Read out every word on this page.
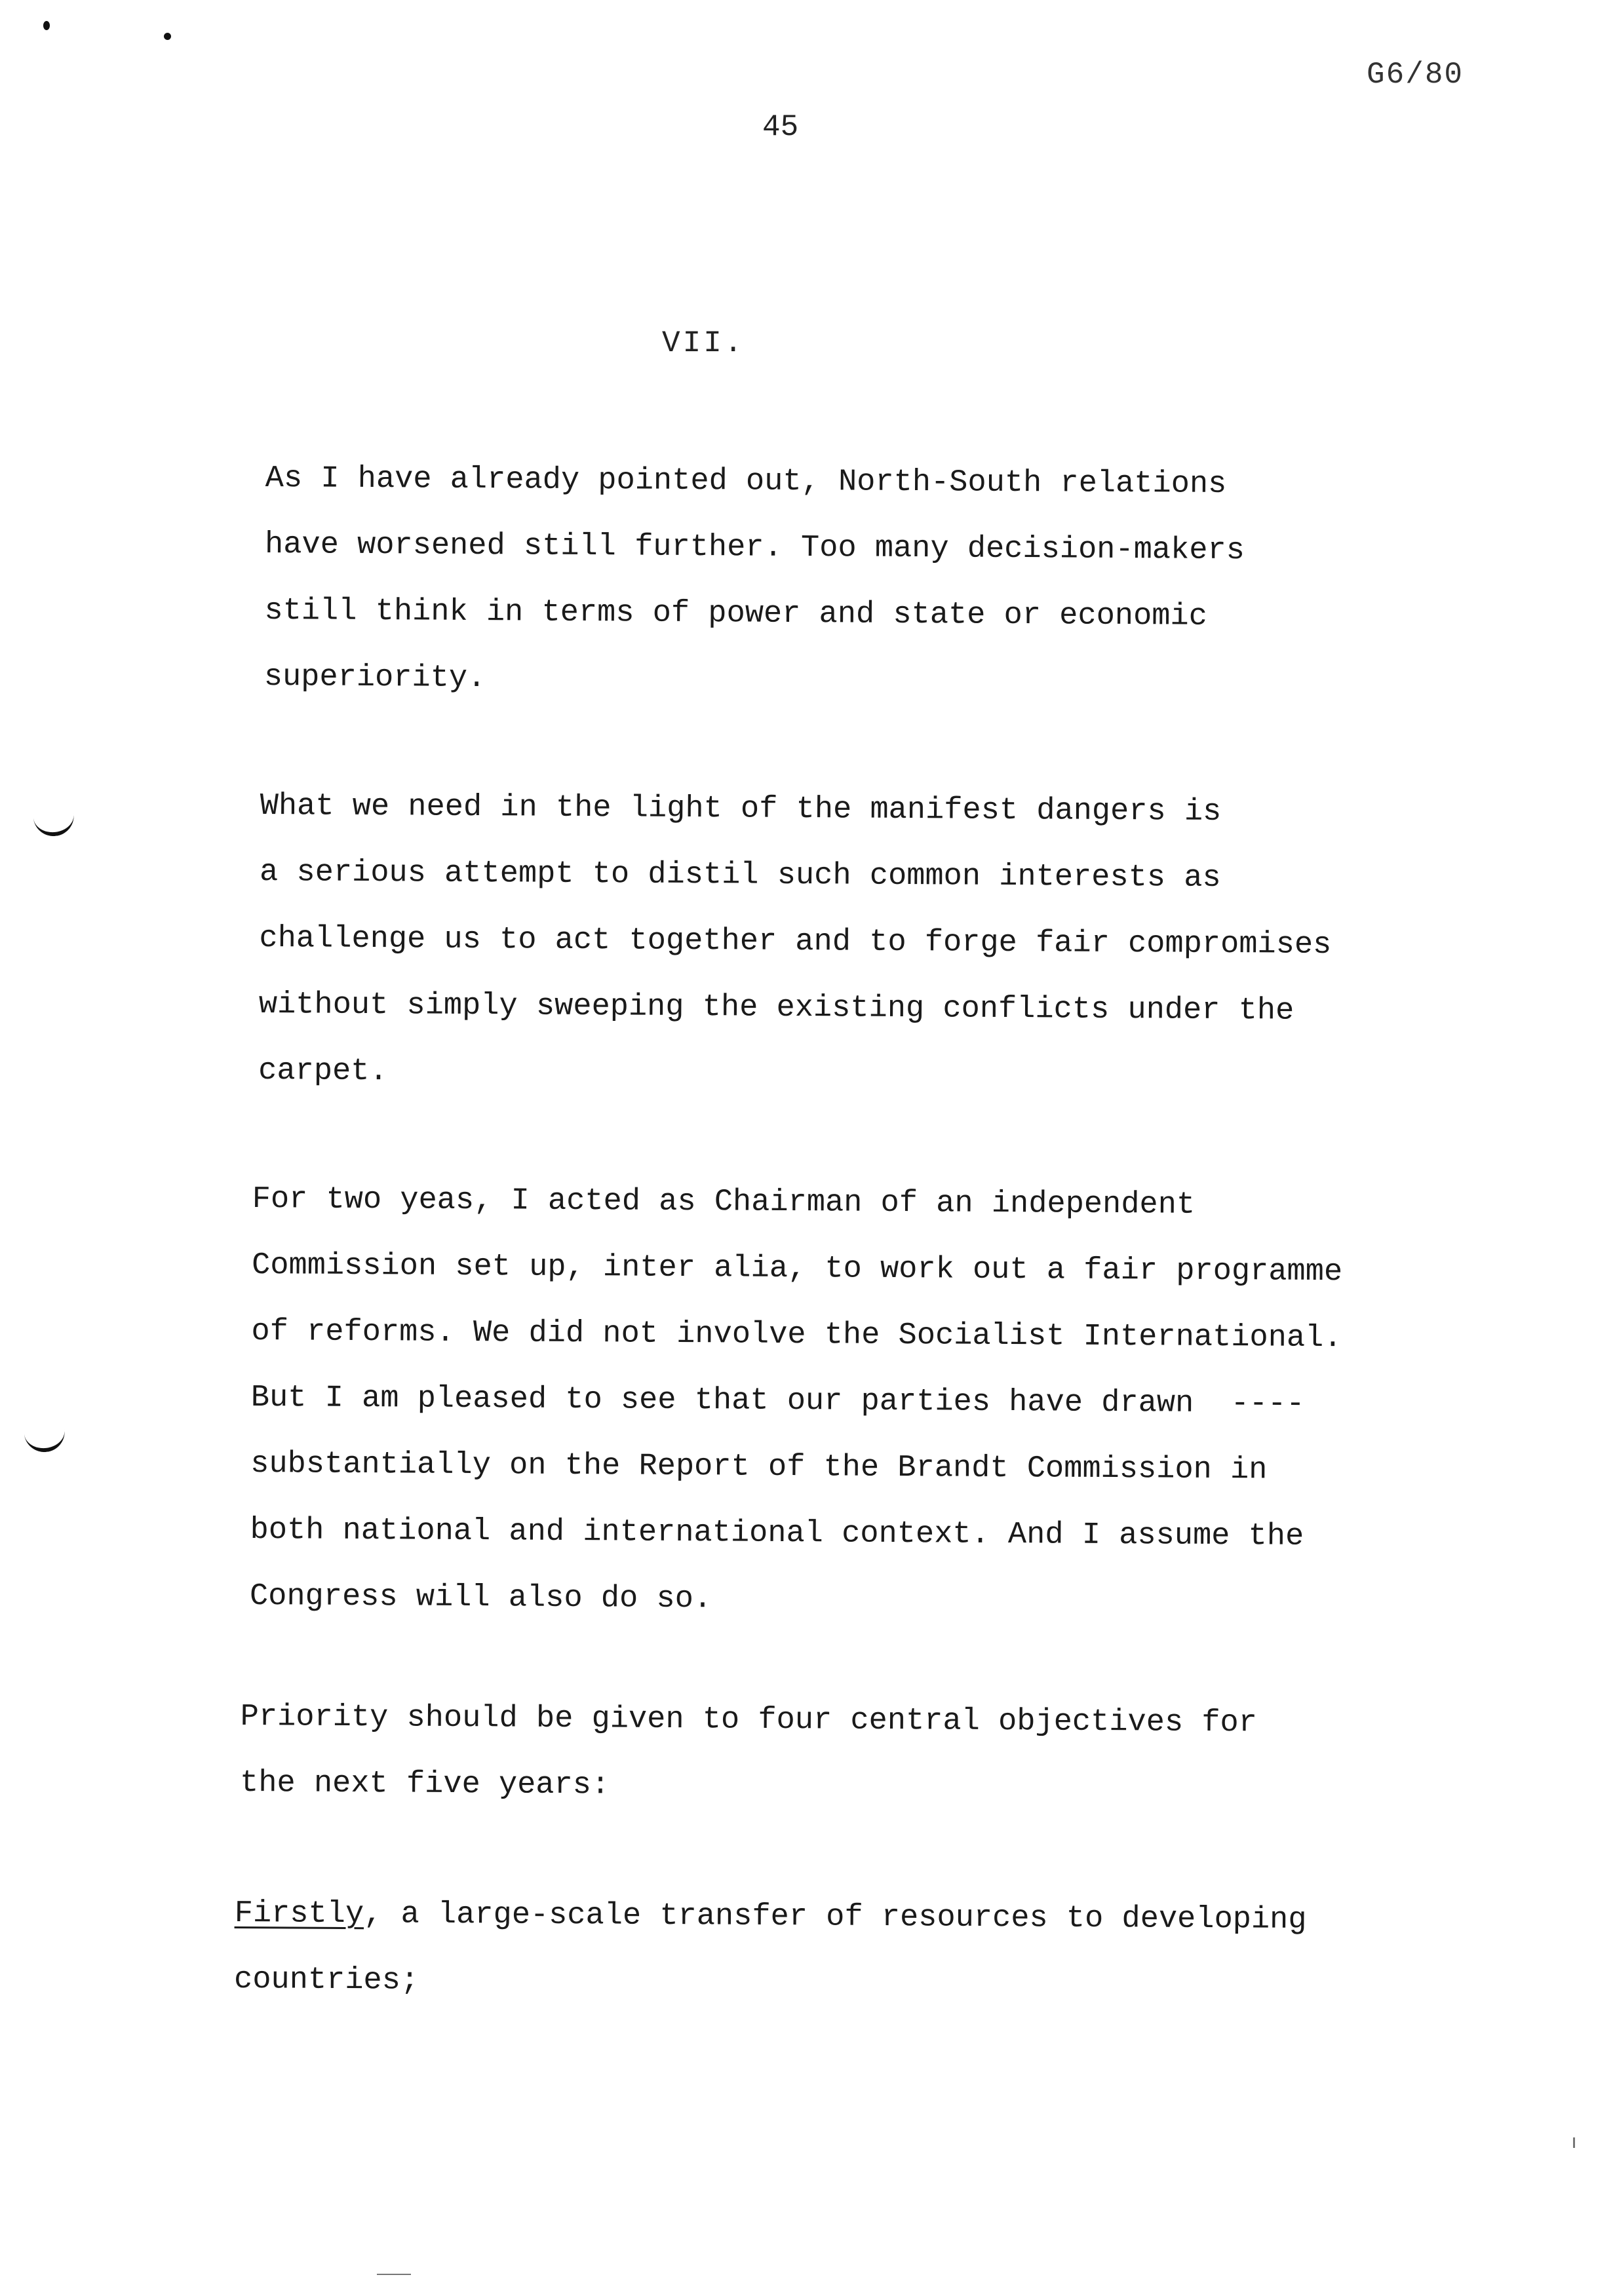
G6/80
45
VII.
As I have already pointed out, North-South relations
have worsened still further. Too many decision-makers
still think in terms of power and state or economic
superiority.
What we need in the light of the manifest dangers is
a serious attempt to distil such common interests as
challenge us to act together and to forge fair compromises
without simply sweeping the existing conflicts under the
carpet.
For two yeas, I acted as Chairman of an independent
Commission set up, inter alia, to work out a fair programme
of reforms. We did not involve the Socialist International.
But I am pleased to see that our parties have drawn  ----
substantially on the Report of the Brandt Commission in
both national and international context. And I assume the
Congress will also do so.
Priority should be given to four central objectives for
the next five years:
Firstly, a large-scale transfer of resources to developing
countries;
